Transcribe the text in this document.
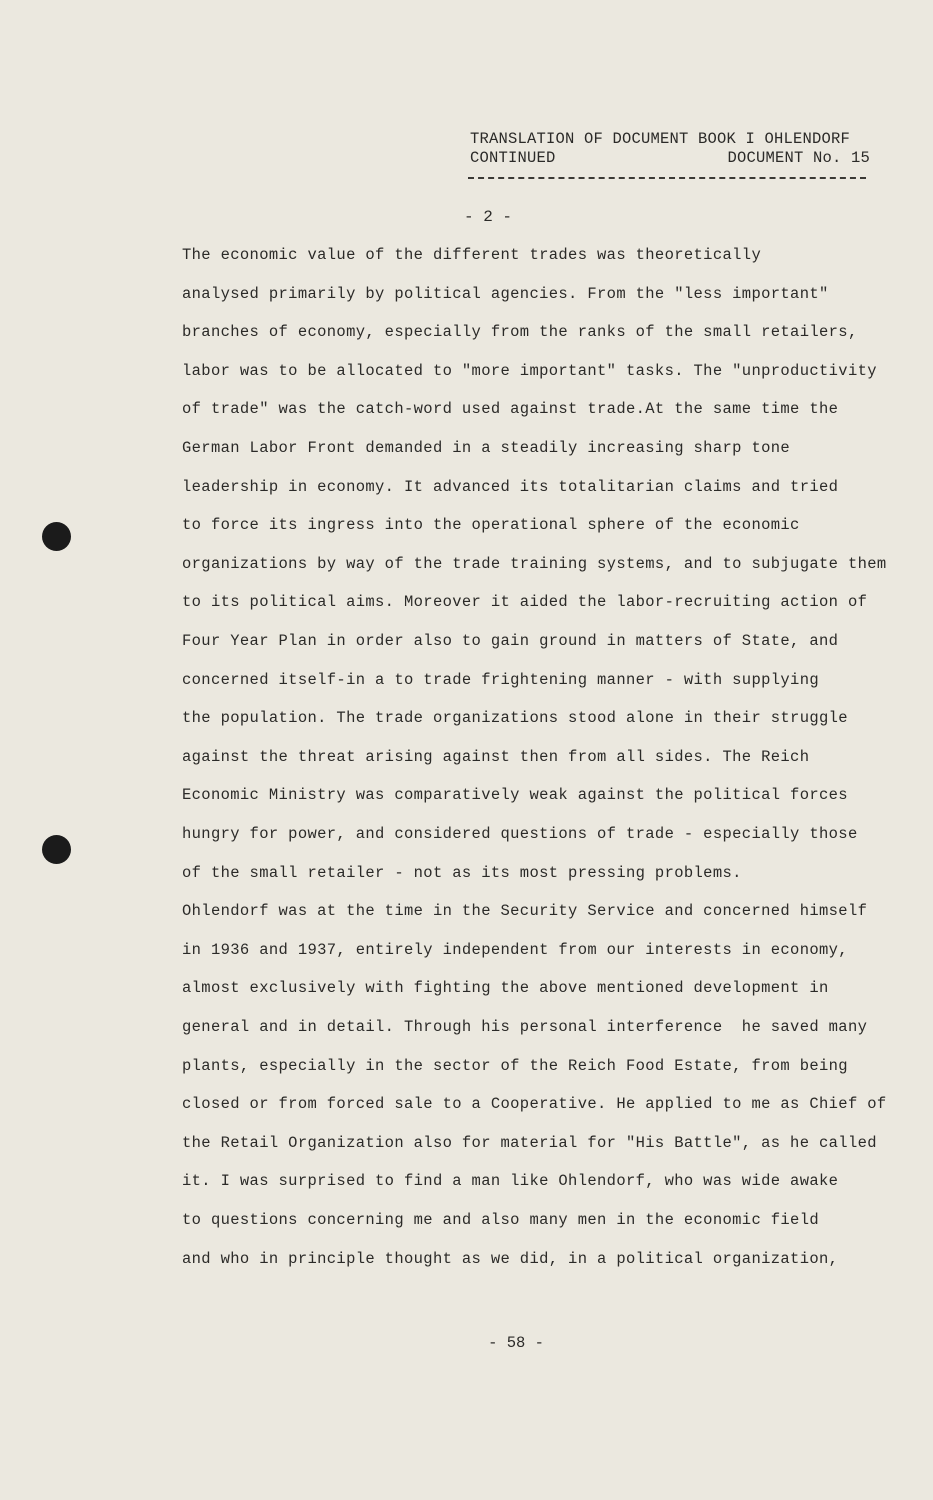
TRANSLATION OF DOCUMENT BOOK I OHLENDORF
CONTINUED	DOCUMENT No. 15
- 2 -
The economic value of the different trades was theoretically
analysed primarily by political agencies. From the "less important"
branches of economy, especially from the ranks of the small retailers,
labor was to be allocated to "more important" tasks. The "unproductivity
of trade" was the catch-word used against trade.At the same time the
German Labor Front demanded in a steadily increasing sharp tone
leadership in economy. It advanced its totalitarian claims and tried
to force its ingress into the operational sphere of the economic
organizations by way of the trade training systems, and to subjugate them
to its political aims. Moreover it aided the labor-recruiting action of
Four Year Plan in order also to gain ground in matters of State, and
concerned itself-in a to trade frightening manner - with supplying
the population. The trade organizations stood alone in their struggle
against the threat arising against then from all sides. The Reich
Economic Ministry was comparatively weak against the political forces
hungry for power, and considered questions of trade - especially those
of the small retailer - not as its most pressing problems.
Ohlendorf was at the time in the Security Service and concerned himself
in 1936 and 1937, entirely independent from our interests in economy,
almost exclusively with fighting the above mentioned development in
general and in detail. Through his personal interference  he saved many
plants, especially in the sector of the Reich Food Estate, from being
closed or from forced sale to a Cooperative. He applied to me as Chief of
the Retail Organization also for material for "His Battle", as he called
it. I was surprised to find a man like Ohlendorf, who was wide awake
to questions concerning me and also many men in the economic field
and who in principle thought as we did, in a political organization,
- 58 -
